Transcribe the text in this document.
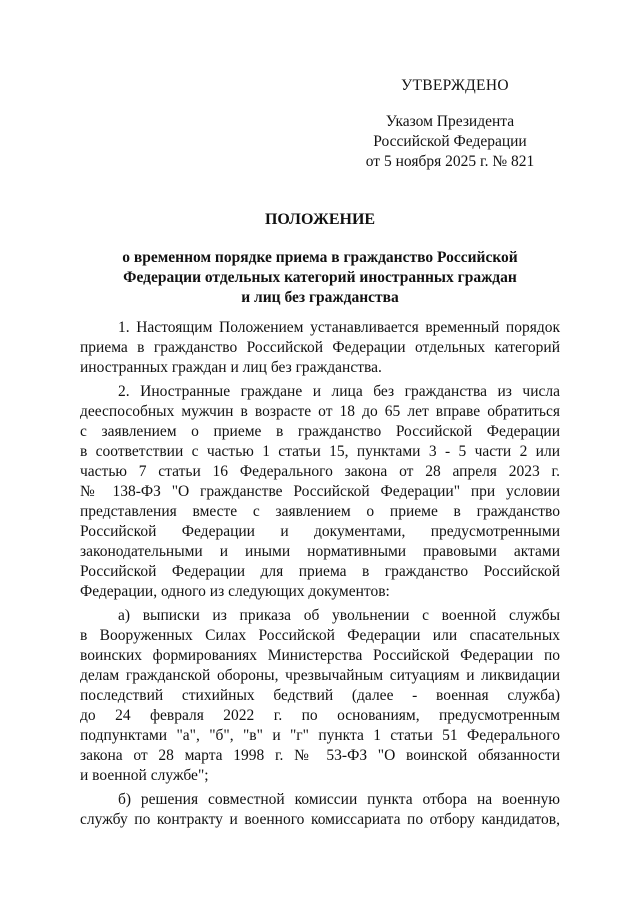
УТВЕРЖДЕНО
Указом Президента
Российской Федерации
от 5 ноября 2025 г. № 821
ПОЛОЖЕНИЕ
о временном порядке приема в гражданство Российской
Федерации отдельных категорий иностранных граждан
и лиц без гражданства
1. Настоящим Положением устанавливается временный порядок
приема в гражданство Российской Федерации отдельных категорий
иностранных граждан и лиц без гражданства.
2. Иностранные граждане и лица без гражданства из числа
дееспособных мужчин в возрасте от 18 до 65 лет вправе обратиться
с заявлением о приеме в гражданство Российской Федерации
в соответствии с частью 1 статьи 15, пунктами 3 - 5 части 2 или
частью 7 статьи 16 Федерального закона от 28 апреля 2023 г.
№ 138-ФЗ "О гражданстве Российской Федерации" при условии
представления вместе с заявлением о приеме в гражданство
Российской Федерации и документами, предусмотренными
законодательными и иными нормативными правовыми актами
Российской Федерации для приема в гражданство Российской
Федерации, одного из следующих документов:
а) выписки из приказа об увольнении с военной службы
в Вооруженных Силах Российской Федерации или спасательных
воинских формированиях Министерства Российской Федерации по
делам гражданской обороны, чрезвычайным ситуациям и ликвидации
последствий стихийных бедствий (далее - военная служба)
до 24 февраля 2022 г. по основаниям, предусмотренным
подпунктами "а", "б", "в" и "г" пункта 1 статьи 51 Федерального
закона от 28 марта 1998 г. № 53-ФЗ "О воинской обязанности
и военной службе";
б) решения совместной комиссии пункта отбора на военную
службу по контракту и военного комиссариата по отбору кандидатов,
